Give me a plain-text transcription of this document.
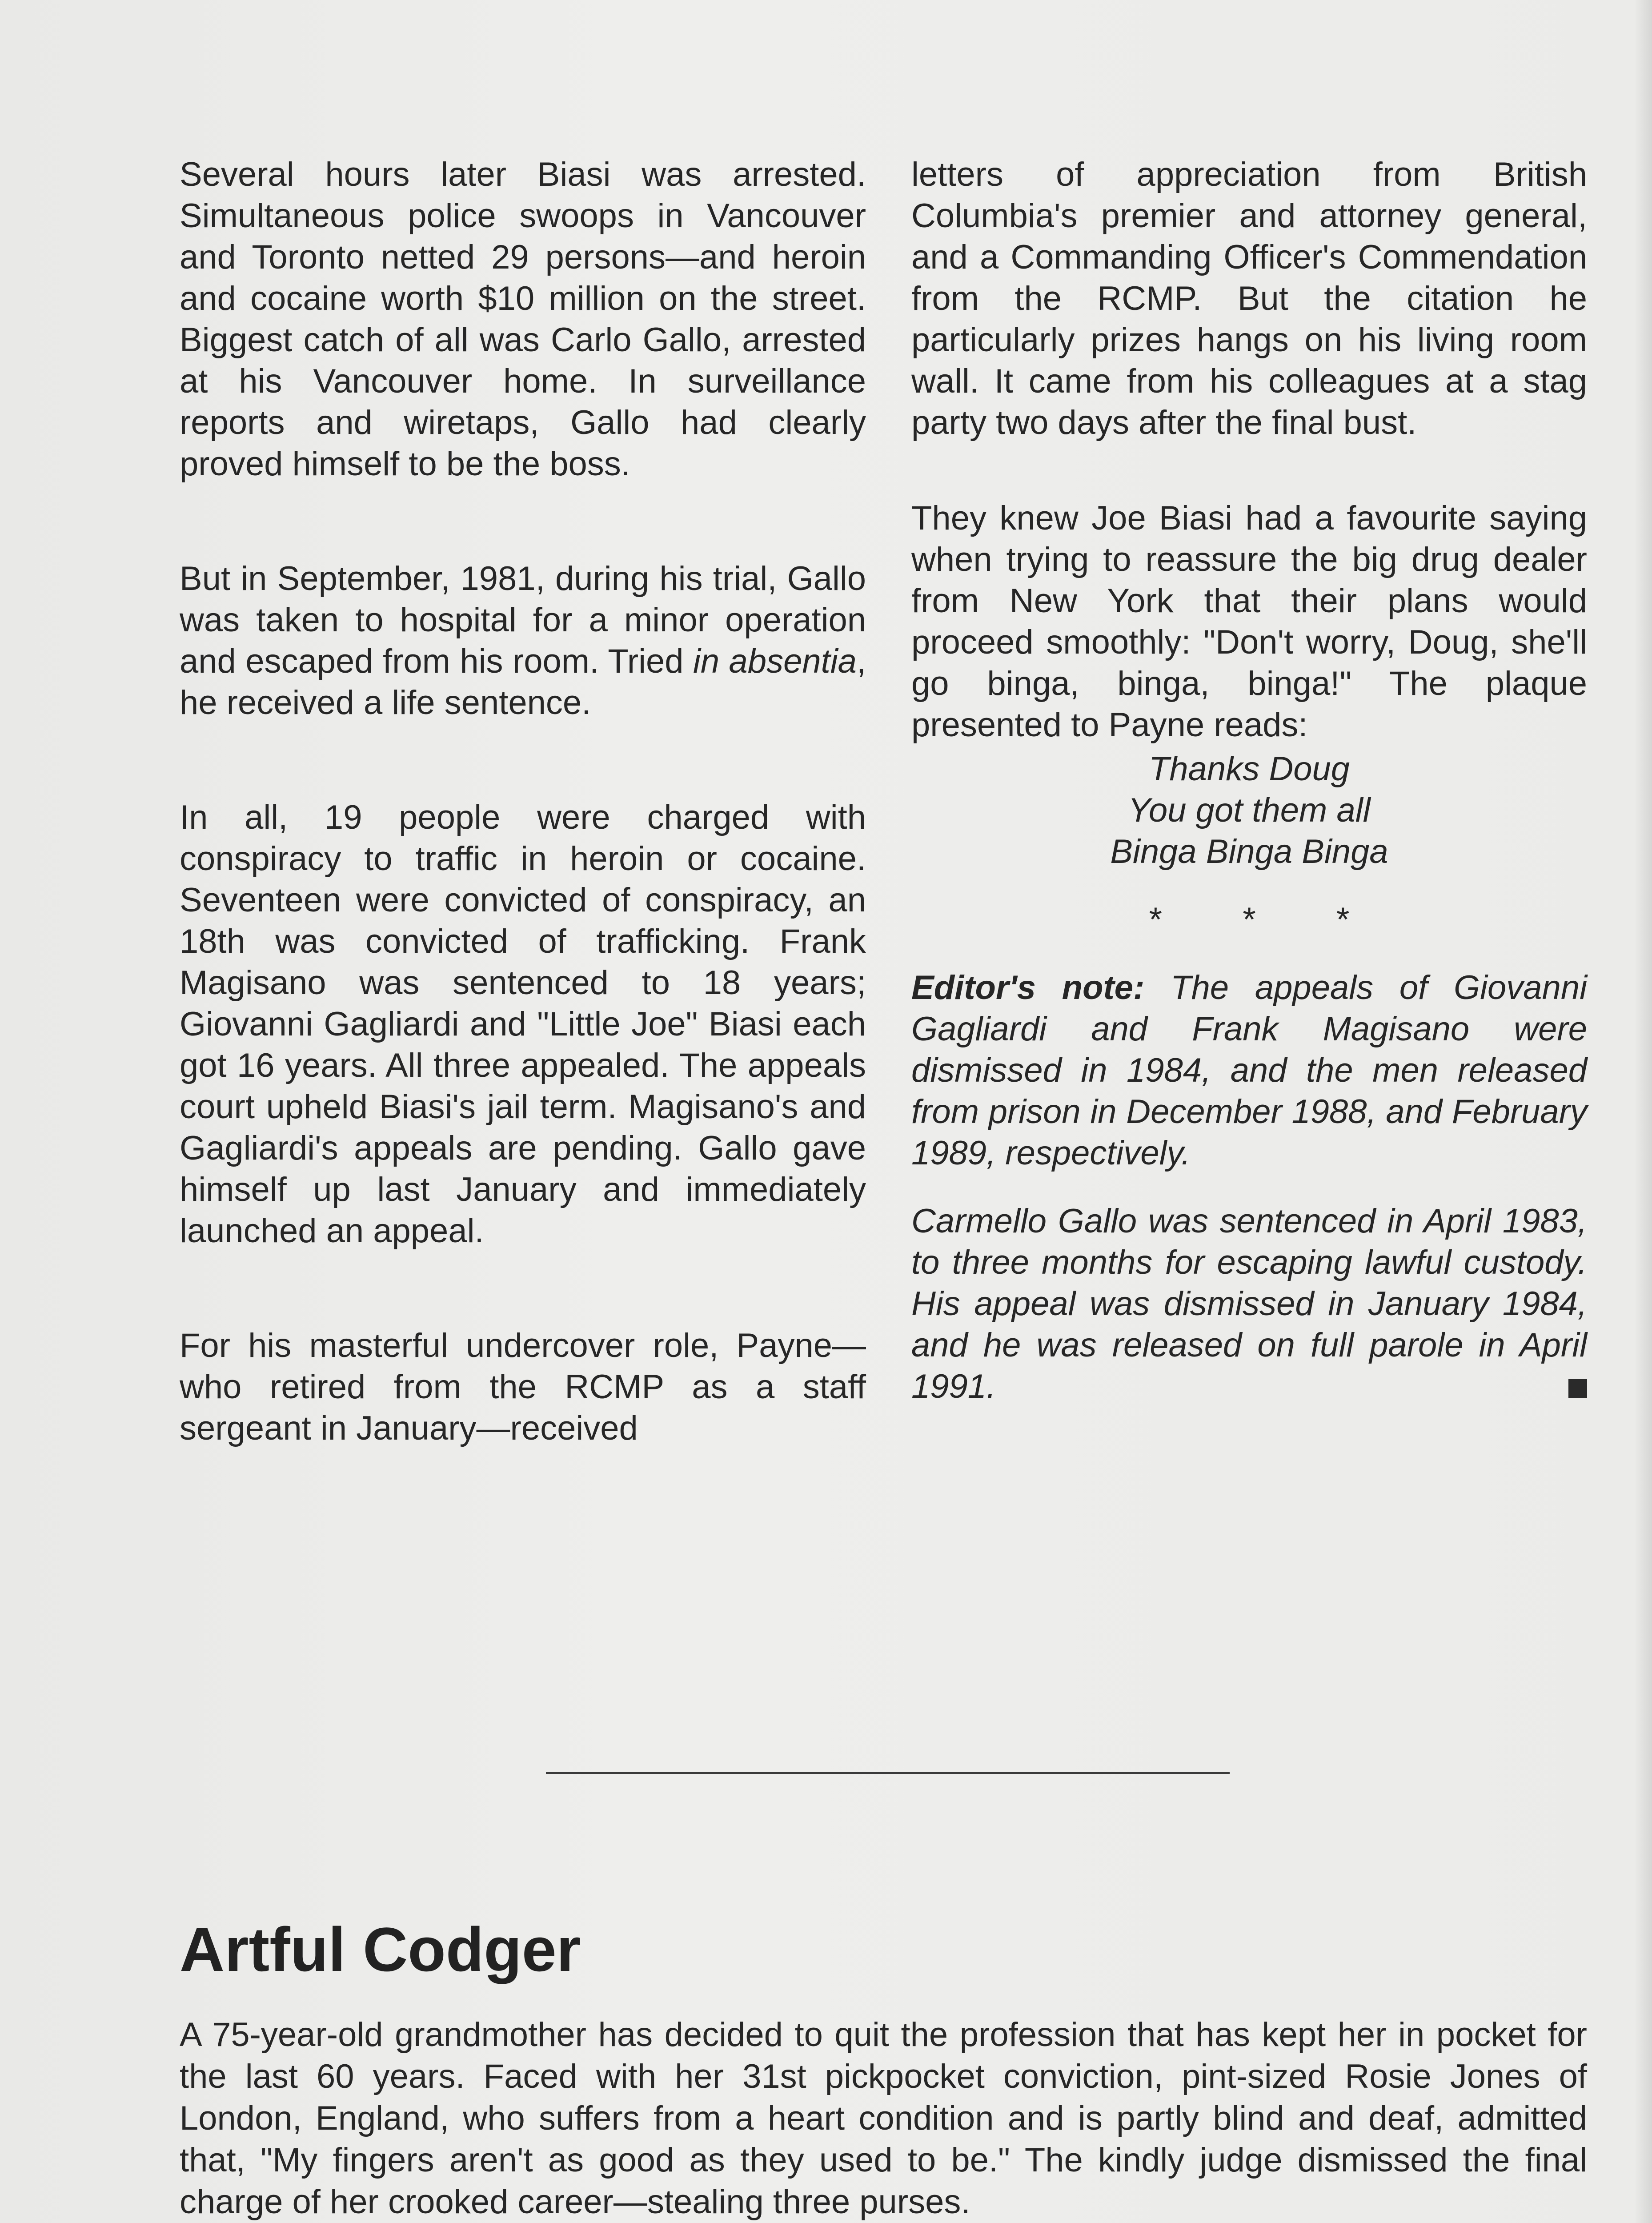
Several hours later Biasi was arrested. Simultaneous police swoops in Vancouver and Toronto netted 29 persons—and heroin and cocaine worth $10 million on the street. Biggest catch of all was Carlo Gallo, arrested at his Vancouver home. In surveillance reports and wiretaps, Gallo had clearly proved himself to be the boss.

But in September, 1981, during his trial, Gallo was taken to hospital for a minor operation and escaped from his room. Tried in absentia, he received a life sentence.

In all, 19 people were charged with conspiracy to traffic in heroin or cocaine. Seventeen were convicted of conspiracy, an 18th was convicted of trafficking. Frank Magisano was sentenced to 18 years; Giovanni Gagliardi and "Little Joe" Biasi each got 16 years. All three appealed. The appeals court upheld Biasi's jail term. Magisano's and Gagliardi's appeals are pending. Gallo gave himself up last January and immediately launched an appeal.

For his masterful undercover role, Payne—who retired from the RCMP as a staff sergeant in January—received

letters of appreciation from British Columbia's premier and attorney general, and a Commanding Officer's Commendation from the RCMP. But the citation he particularly prizes hangs on his living room wall. It came from his colleagues at a stag party two days after the final bust.

They knew Joe Biasi had a favourite saying when trying to reassure the big drug dealer from New York that their plans would proceed smoothly: "Don't worry, Doug, she'll go binga, binga, binga!" The plaque presented to Payne reads:

Thanks Doug
You got them all
Binga Binga Binga

* * *

Editor's note: The appeals of Giovanni Gagliardi and Frank Magisano were dismissed in 1984, and the men released from prison in December 1988, and February 1989, respectively.

Carmello Gallo was sentenced in April 1983, to three months for escaping lawful custody. His appeal was dismissed in January 1984, and he was released on full parole in April 1991.

Artful Codger

A 75-year-old grandmother has decided to quit the profession that has kept her in pocket for the last 60 years. Faced with her 31st pickpocket conviction, pint-sized Rosie Jones of London, England, who suffers from a heart condition and is partly blind and deaf, admitted that, "My fingers aren't as good as they used to be." The kindly judge dismissed the final charge of her crooked career—stealing three purses.
